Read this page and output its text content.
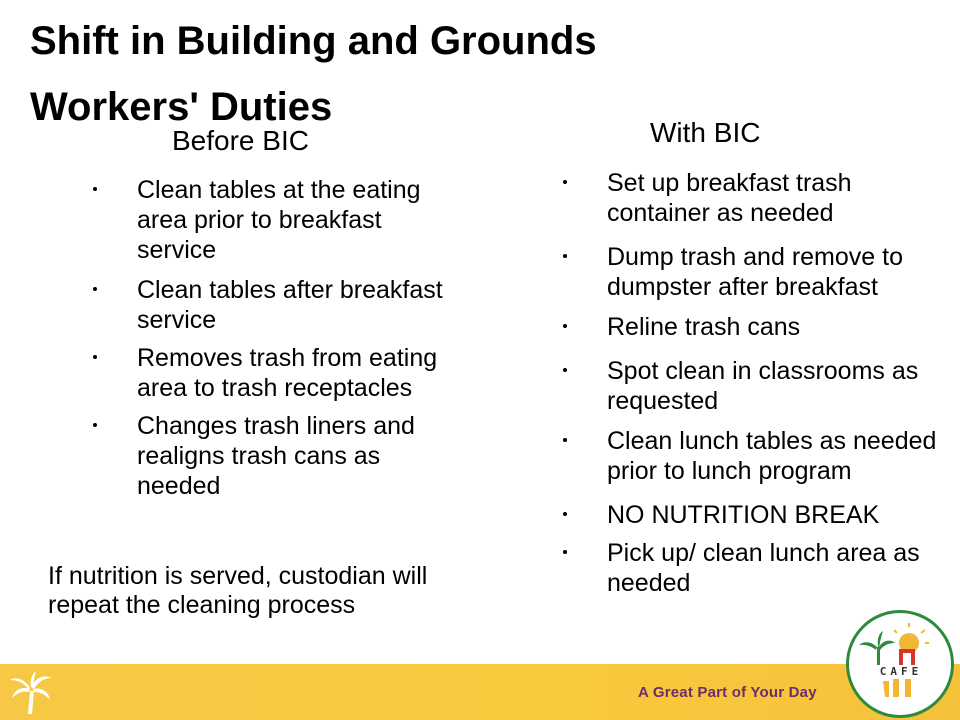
Shift in Building and Grounds Workers' Duties
Before BIC	With BIC
Clean tables at the eating area prior to breakfast service
Clean tables after breakfast service
Removes trash from eating area to trash receptacles
Changes trash liners and realigns trash cans as needed
Set up breakfast trash container as needed
Dump trash and remove to dumpster after breakfast
Reline trash cans
Spot clean in classrooms as requested
Clean lunch tables as needed prior to lunch program
NO NUTRITION BREAK
Pick up/ clean lunch area as needed
If nutrition is served, custodian will repeat the cleaning process
A Great Part of Your Day
CAFE
